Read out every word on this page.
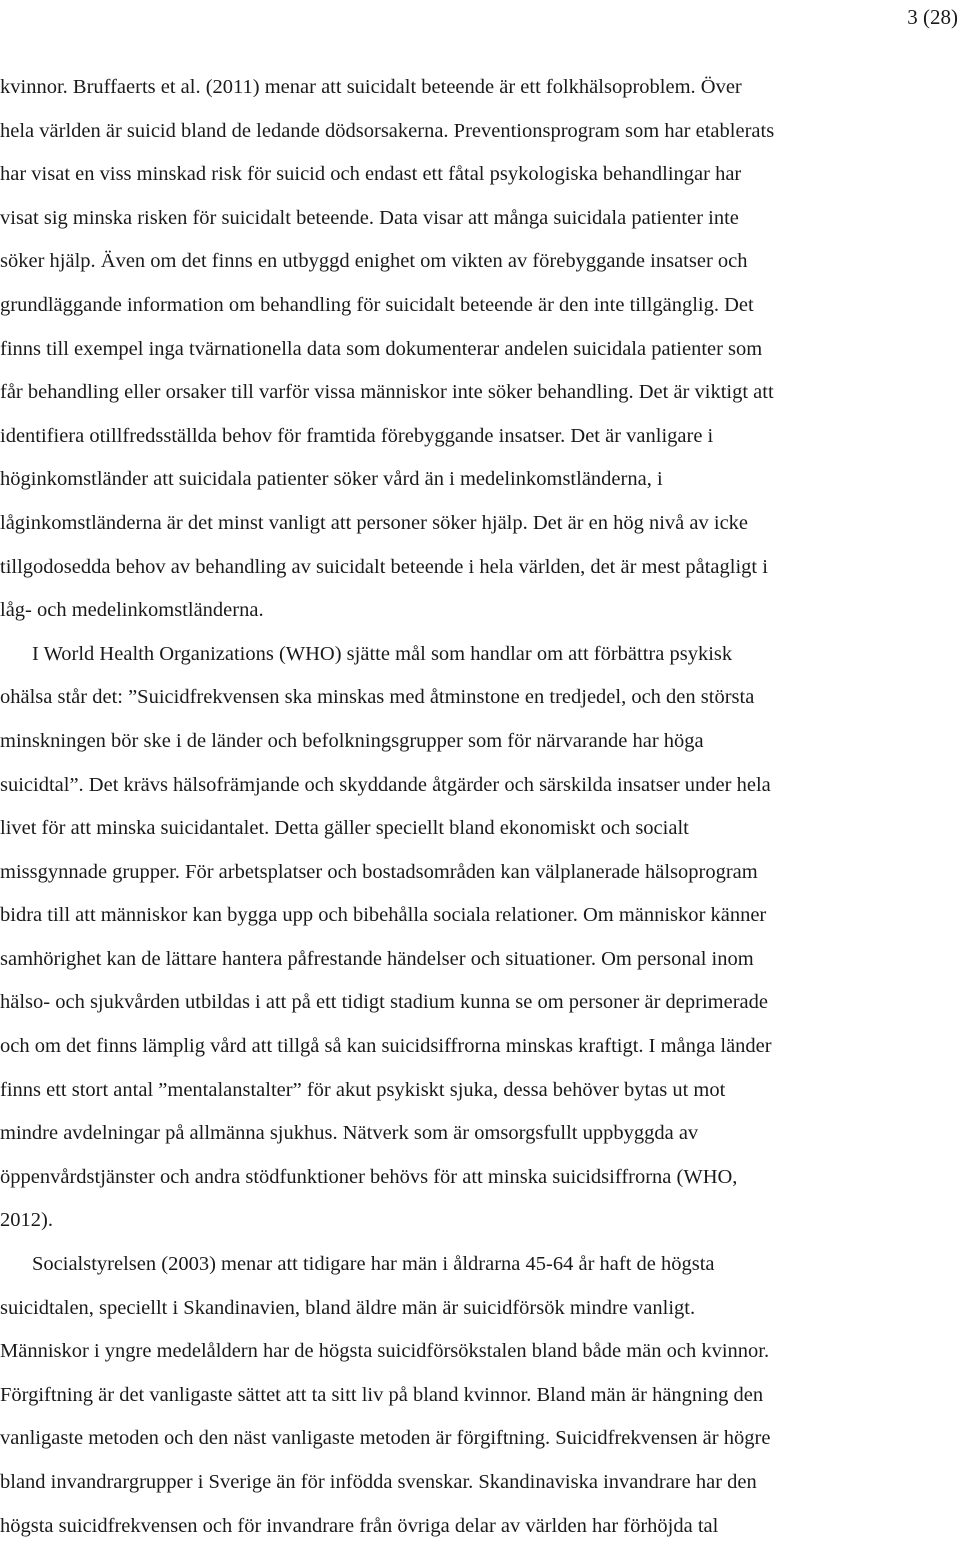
3 (28)
kvinnor. Bruffaerts et al. (2011) menar att suicidalt beteende är ett folkhälsoproblem. Över
hela världen är suicid bland de ledande dödsorsakerna. Preventionsprogram som har etablerats
har visat en viss minskad risk för suicid och endast ett fåtal psykologiska behandlingar har
visat sig minska risken för suicidalt beteende. Data visar att många suicidala patienter inte
söker hjälp. Även om det finns en utbyggd enighet om vikten av förebyggande insatser och
grundläggande information om behandling för suicidalt beteende är den inte tillgänglig. Det
finns till exempel inga tvärnationella data som dokumenterar andelen suicidala patienter som
får behandling eller orsaker till varför vissa människor inte söker behandling. Det är viktigt att
identifiera otillfredsställda behov för framtida förebyggande insatser. Det är vanligare i
höginkomstländer att suicidala patienter söker vård än i medelinkomstländerna, i
låginkomstländerna är det minst vanligt att personer söker hjälp. Det är en hög nivå av icke
tillgodosedda behov av behandling av suicidalt beteende i hela världen, det är mest påtagligt i
låg- och medelinkomstländerna.
I World Health Organizations (WHO) sjätte mål som handlar om att förbättra psykisk
ohälsa står det: ”Suicidfrekvensen ska minskas med åtminstone en tredjedel, och den största
minskningen bör ske i de länder och befolkningsgrupper som för närvarande har höga
suicidtal”. Det krävs hälsofrämjande och skyddande åtgärder och särskilda insatser under hela
livet för att minska suicidantalet. Detta gäller speciellt bland ekonomiskt och socialt
missgynnade grupper. För arbetsplatser och bostadsområden kan välplanerade hälsoprogram
bidra till att människor kan bygga upp och bibehålla sociala relationer. Om människor känner
samhörighet kan de lättare hantera påfrestande händelser och situationer. Om personal inom
hälso- och sjukvården utbildas i att på ett tidigt stadium kunna se om personer är deprimerade
och om det finns lämplig vård att tillgå så kan suicidsiffrorna minskas kraftigt. I många länder
finns ett stort antal ”mentalanstalter” för akut psykiskt sjuka, dessa behöver bytas ut mot
mindre avdelningar på allmänna sjukhus. Nätverk som är omsorgsfullt uppbyggda av
öppenvårdstjänster och andra stödfunktioner behövs för att minska suicidsiffrorna (WHO,
2012).
Socialstyrelsen (2003) menar att tidigare har män i åldrarna 45-64 år haft de högsta
suicidtalen, speciellt i Skandinavien, bland äldre män är suicidförsök mindre vanligt.
Människor i yngre medelåldern har de högsta suicidförsökstalen bland både män och kvinnor.
Förgiftning är det vanligaste sättet att ta sitt liv på bland kvinnor. Bland män är hängning den
vanligaste metoden och den näst vanligaste metoden är förgiftning. Suicidfrekvensen är högre
bland invandrargrupper i Sverige än för infödda svenskar. Skandinaviska invandrare har den
högsta suicidfrekvensen och för invandrare från övriga delar av världen har förhöjda tal
